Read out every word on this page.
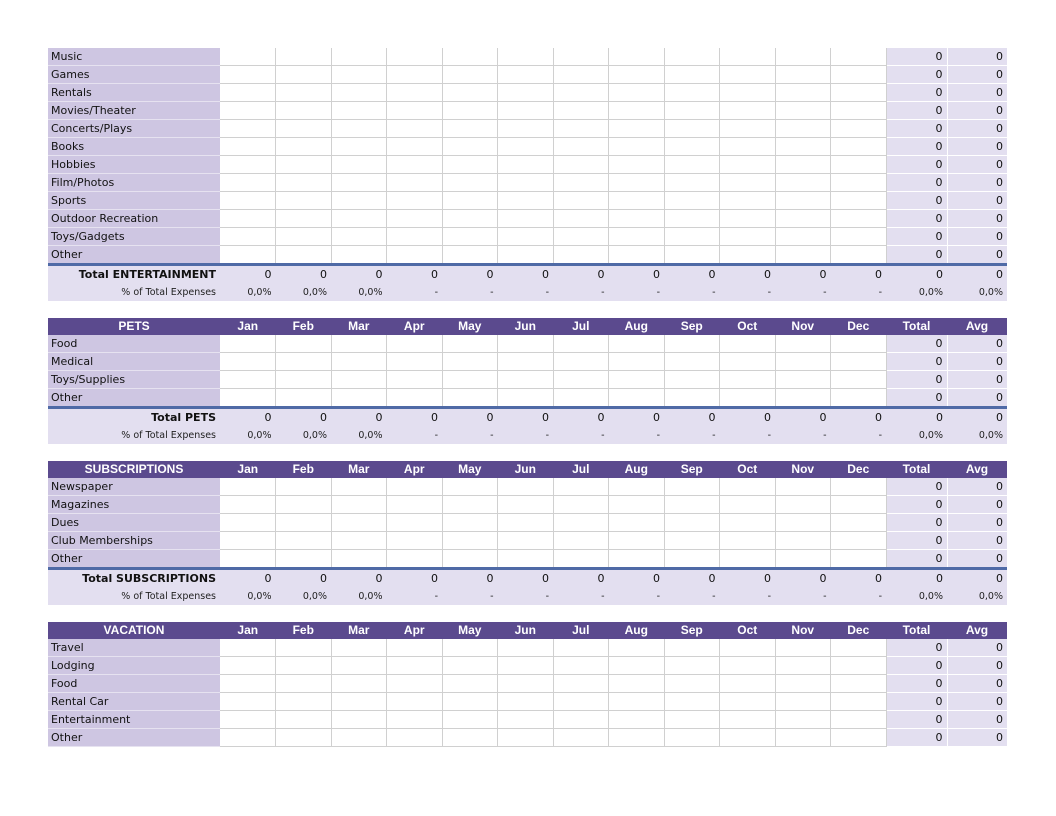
Music													0	0
Games													0	0
Rentals													0	0
Movies/Theater													0	0
Concerts/Plays													0	0
Books													0	0
Hobbies													0	0
Film/Photos													0	0
Sports													0	0
Outdoor Recreation													0	0
Toys/Gadgets													0	0
Other													0	0
Total ENTERTAINMENT	0	0	0	0	0	0	0	0	0	0	0	0	0	0
% of Total Expenses	0,0%	0,0%	0,0%	-	-	-	-	-	-	-	-	-	0,0%	0,0%
PETS	Jan	Feb	Mar	Apr	May	Jun	Jul	Aug	Sep	Oct	Nov	Dec	Total	Avg
Food													0	0
Medical													0	0
Toys/Supplies													0	0
Other													0	0
Total PETS	0	0	0	0	0	0	0	0	0	0	0	0	0	0
% of Total Expenses	0,0%	0,0%	0,0%	-	-	-	-	-	-	-	-	-	0,0%	0,0%
SUBSCRIPTIONS	Jan	Feb	Mar	Apr	May	Jun	Jul	Aug	Sep	Oct	Nov	Dec	Total	Avg
Newspaper													0	0
Magazines													0	0
Dues													0	0
Club Memberships													0	0
Other													0	0
Total SUBSCRIPTIONS	0	0	0	0	0	0	0	0	0	0	0	0	0	0
% of Total Expenses	0,0%	0,0%	0,0%	-	-	-	-	-	-	-	-	-	0,0%	0,0%
VACATION	Jan	Feb	Mar	Apr	May	Jun	Jul	Aug	Sep	Oct	Nov	Dec	Total	Avg
Travel													0	0
Lodging													0	0
Food													0	0
Rental Car													0	0
Entertainment													0	0
Other													0	0
